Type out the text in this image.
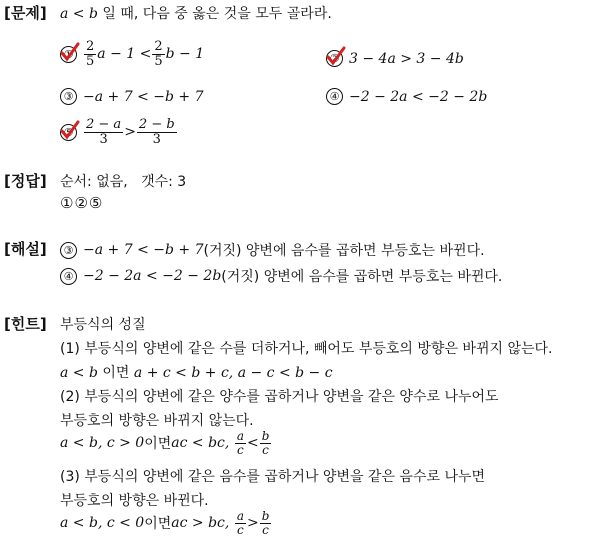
[문제] a < b 일 때, 다음 중 옳은 것을 모두 골라라.
① $\frac{2}{5}$ $a - 1 < \frac{2}{5}$ b − 1	② 3 − 4a > 3 − 4b
③ −a + 7 < −b + 7	④ −2 − 2a < −2 − 2b
⑤ $\frac{2 - a}{3} > \frac{2 - b}{3}$
[정답] 순서: 없음, 갯수: 3
①②⑤
[해설]	③ −a + 7 < −b + 7 (거짓) 양변에 음수를 곱하면 부등호는 바뀐다.
④ −2 − 2a < −2 − 2b (거짓) 양변에 음수를 곱하면 부등호는 바뀐다.
[힌트] 부등식의 성질
(1) 부등식의 양변에 같은 수를 더하거나, 빼어도 부등호의 방향은 바뀌지 않는다.
a < b 이면 a + c < b + c, a − c < b − c
(2) 부등식의 양변에 같은 양수를 곱하거나 양변을 같은 양수로 나누어도
부등호의 방향은 바뀌지 않는다.
a < b, c > 0 이면 ac < bc,
$\frac{a}{c} < \frac{b}{c}$
(3) 부등식의 양변에 같은 음수를 곱하거나 양변을 같은 음수로 나누면
부등호의 방향은 바뀐다.
a < b, c < 0 이면 ac > bc,
$\frac{a}{c} > \frac{b}{c}$
